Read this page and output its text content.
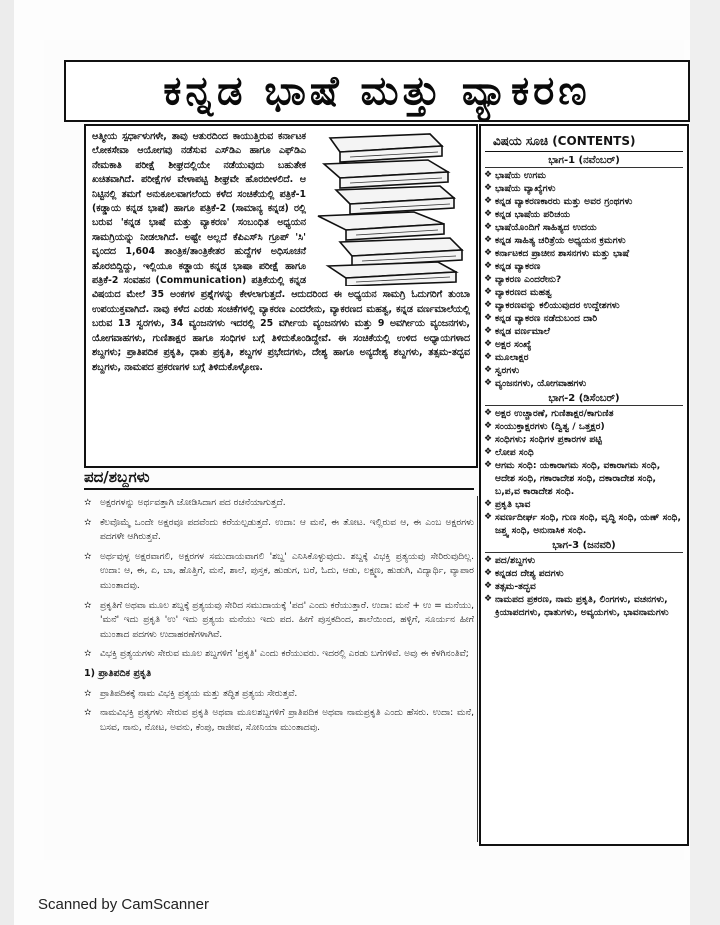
ಕನ್ನಡ ಭಾಷೆ ಮತ್ತು ವ್ಯಾಕರಣ
ಆತ್ಮೀಯ ಸ್ಪರ್ಧಾಳುಗಳೇ, ತಾವು ಆತುರದಿಂದ ಕಾಯುತ್ತಿರುವ ಕರ್ನಾಟಕ ಲೋಕಸೇವಾ ಆಯೋಗವು ನಡೆಸುವ ಎಸ್‌ಡಿಎ ಹಾಗೂ ಎಫ್‌ಡಿಎ ನೇಮಕಾತಿ ಪರೀಕ್ಷೆ ಶೀಘ್ರದಲ್ಲಿಯೇ ನಡೆಯುವುದು ಬಹುತೇಕ ಖಚಿತವಾಗಿದೆ. ಪರೀಕ್ಷೆಗಳ ವೇಳಾಪಟ್ಟಿ ಶೀಘ್ರವೇ ಹೊರಬೀಳಲಿದೆ. ಆ ನಿಟ್ಟಿನಲ್ಲಿ ತಮಗೆ ಅನುಕೂಲವಾಗಲೆಂದು ಕಳೆದ ಸಂಚಿಕೆಯಲ್ಲಿ ಪತ್ರಿಕೆ-1 (ಕಡ್ಡಾಯ ಕನ್ನಡ ಭಾಷೆ) ಹಾಗೂ ಪತ್ರಿಕೆ-2 (ಸಾಮಾನ್ಯ ಕನ್ನಡ) ರಲ್ಲಿ ಬರುವ 'ಕನ್ನಡ ಭಾಷೆ ಮತ್ತು ವ್ಯಾಕರಣ' ಸಂಬಂಧಿತ ಅಧ್ಯಯನ ಸಾಮಗ್ರಿಯನ್ನು ನೀಡಲಾಗಿದೆ. ಅಷ್ಟೇ ಅಲ್ಲದೆ ಕೆಪಿಎಸ್‌ಸಿ ಗ್ರೂಪ್ 'ಸಿ' ವೃಂದದ 1,604 ತಾಂತ್ರಿಕ/ತಾಂತ್ರಿಕೇತರ ಹುದ್ದೆಗಳ ಅಧಿಸೂಚನೆ ಹೊರಬಿದ್ದಿದ್ದು, ಇಲ್ಲಿಯೂ ಕಡ್ಡಾಯ ಕನ್ನಡ ಭಾಷಾ ಪರೀಕ್ಷೆ ಹಾಗೂ ಪತ್ರಿಕೆ-2 ಸಂವಹನ (Communication) ಪತ್ರಿಕೆಯಲ್ಲಿ ಕನ್ನಡ ವಿಷಯದ ಮೇಲೆ 35 ಅಂಕಗಳ ಪ್ರಶ್ನೆಗಳನ್ನು ಕೇಳಲಾಗುತ್ತದೆ. ಆದುದರಿಂದ ಈ ಅಧ್ಯಯನ ಸಾಮಗ್ರಿ ಓದುಗರಿಗೆ ತುಂಬಾ ಉಪಯುಕ್ತವಾಗಿದೆ. ನಾವು ಕಳೆದ ಎರಡು ಸಂಚಿಕೆಗಳಲ್ಲಿ ವ್ಯಾಕರಣ ಎಂದರೇನು, ವ್ಯಾಕರಣದ ಮಹತ್ವ, ಕನ್ನಡ ವರ್ಣಮಾಲೆಯಲ್ಲಿ ಬರುವ 13 ಸ್ವರಗಳು, 34 ವ್ಯಂಜನಗಳು ಇದರಲ್ಲಿ 25 ವರ್ಗೀಯ ವ್ಯಂಜನಗಳು ಮತ್ತು 9 ಅವರ್ಗೀಯ ವ್ಯಂಜನಗಳು, ಯೋಗವಾಹಗಳು, ಗುಣಿತಾಕ್ಷರ ಹಾಗೂ ಸಂಧಿಗಳ ಬಗ್ಗೆ ತಿಳಿದುಕೊಂಡಿದ್ದೇವೆ. ಈ ಸಂಚಿಕೆಯಲ್ಲಿ ಉಳಿದ ಅಧ್ಯಾಯಗಳಾದ ಶಬ್ದಗಳು; ಪ್ರಾತಿಪದಿಕ ಪ್ರಕೃತಿ, ಧಾತು ಪ್ರಕೃತಿ, ಶಬ್ದಗಳ ಪ್ರಭೇದಗಳು, ದೇಶ್ಯ ಹಾಗೂ ಅನ್ಯದೇಶ್ಯ ಶಬ್ದಗಳು, ತತ್ಸಮ-ತದ್ಭವ ಶಬ್ದಗಳು, ನಾಮಪದ ಪ್ರಕರಣಗಳ ಬಗ್ಗೆ ತಿಳಿದುಕೊಳ್ಳೋಣ.
ವಿಷಯ ಸೂಚಿ (CONTENTS)
ಭಾಗ-1 (ನವೆಂಬರ್)
❖ ಭಾಷೆಯ ಉಗಮ
❖ ಭಾಷೆಯ ವ್ಯಾಖ್ಯೆಗಳು
❖ ಕನ್ನಡ ವ್ಯಾಕರಣಕಾರರು ಮತ್ತು ಅವರ ಗ್ರಂಥಗಳು
❖ ಕನ್ನಡ ಭಾಷೆಯ ಪರಿಚಯ
❖ ಭಾಷೆಯೊಂದಿಗೆ ಸಾಹಿತ್ಯದ ಉದಯ
❖ ಕನ್ನಡ ಸಾಹಿತ್ಯ ಚರಿತ್ರೆಯ ಅಧ್ಯಯನ ಕ್ರಮಗಳು
❖ ಕರ್ನಾಟಕದ ಪ್ರಾಚೀನ ಶಾಸನಗಳು ಮತ್ತು ಭಾಷೆ
❖ ಕನ್ನಡ ವ್ಯಾಕರಣ
❖ ವ್ಯಾಕರಣ ಎಂದರೇನು?
❖ ವ್ಯಾಕರಣದ ಮಹತ್ವ
❖ ವ್ಯಾಕರಣವನ್ನು ಕಲಿಯುವುದರ ಉದ್ದೇಶಗಳು
❖ ಕನ್ನಡ ವ್ಯಾಕರಣ ನಡೆದುಬಂದ ದಾರಿ
❖ ಕನ್ನಡ ವರ್ಣಮಾಲೆ
❖ ಅಕ್ಷರ ಸಂಖ್ಯೆ
❖ ಮೂಲಾಕ್ಷರ
❖ ಸ್ವರಗಳು
❖ ವ್ಯಂಜನಗಳು, ಯೋಗವಾಹಗಳು
ಭಾಗ-2 (ಡಿಸೆಂಬರ್)
❖ ಅಕ್ಷರ ಉಚ್ಚಾರಣೆ, ಗುಣಿತಾಕ್ಷರ/ಕಾಗುಣಿತ
❖ ಸಂಯುಕ್ತಾಕ್ಷರಗಳು (ದ್ವಿತ್ವ / ಒತ್ತಕ್ಷರ)
❖ ಸಂಧಿಗಳು; ಸಂಧಿಗಳ ಪ್ರಕಾರಗಳ ಪಟ್ಟಿ
❖ ಲೋಪ ಸಂಧಿ
❖ ಆಗಮ ಸಂಧಿ: ಯಕಾರಾಗಮ ಸಂಧಿ, ವಕಾರಾಗಮ ಸಂಧಿ, ಆದೇಶ ಸಂಧಿ, ಗಕಾರಾದೇಶ ಸಂಧಿ, ದಕಾರಾದೇಶ ಸಂಧಿ, ಬ,ಪ,ವ ಕಾರಾದೇಶ ಸಂಧಿ.
❖ ಪ್ರಕೃತಿ ಭಾವ
❖ ಸವರ್ಣದೀರ್ಘ ಸಂಧಿ, ಗುಣ ಸಂಧಿ, ವೃದ್ಧಿ ಸಂಧಿ, ಯಣ್ ಸಂಧಿ, ಜಶ್ತ್ವ ಸಂಧಿ, ಅನುನಾಸಿಕ ಸಂಧಿ.
ಭಾಗ-3 (ಜನವರಿ)
❖ ಪದ/ಶಬ್ದಗಳು
❖ ಕನ್ನಡದ ದೇಶ್ಯ ಪದಗಳು
❖ ತತ್ಸಮ-ತದ್ಭವ
❖ ನಾಮಪದ ಪ್ರಕರಣ, ನಾಮ ಪ್ರಕೃತಿ, ಲಿಂಗಗಳು, ವಚನಗಳು, ಕ್ರಿಯಾಪದಗಳು, ಧಾತುಗಳು, ಅವ್ಯಯಗಳು, ಭಾವನಾಮಗಳು
ಪದ/ಶಬ್ದಗಳು
✫ ಅಕ್ಷರಗಳನ್ನು ಅರ್ಥವತ್ತಾಗಿ ಜೋಡಿಸಿದಾಗ ಪದ ರಚನೆಯಾಗುತ್ತದೆ.
✫ ಕೆಲವೊಮ್ಮೆ ಒಂದೇ ಅಕ್ಷರವೂ ಪದವೆಂದು ಕರೆಯಲ್ಪಡುತ್ತದೆ. ಉದಾ: ಆ ಮನೆ, ಈ ತೋಟ. ಇಲ್ಲಿರುವ ಆ, ಈ ಎಂಬ ಅಕ್ಷರಗಳು ಪದಗಳೇ ಆಗಿರುತ್ತವೆ.
✫ ಅರ್ಥವುಳ್ಳ ಅಕ್ಷರವಾಗಲಿ, ಅಕ್ಷರಗಳ ಸಮುದಾಯವಾಗಲಿ 'ಶಬ್ದ' ಎನಿಸಿಕೊಳ್ಳುವುದು. ಶಬ್ದಕ್ಕೆ ವಿಭಕ್ತಿ ಪ್ರತ್ಯಯವು ಸೇರಿರುವುದಿಲ್ಲ. ಉದಾ: ಆ, ಈ, ಏ, ಬಾ, ಹೊತ್ತಿಗೆ, ಮನೆ, ಶಾಲೆ, ಪುಸ್ತಕ, ಹುಡುಗ, ಬರೆ, ಓದು, ಆಡು, ಲಕ್ಷ್ಮಣ, ಹುಡುಗಿ, ವಿದ್ಯಾರ್ಥಿ, ವ್ಯಾಪಾರ ಮುಂತಾದವು.
✫ ಪ್ರಕೃತಿಗೆ ಅಥವಾ ಮೂಲ ಶಬ್ದಕ್ಕೆ ಪ್ರತ್ಯಯವು ಸೇರಿದ ಸಮುದಾಯಕ್ಕೆ 'ಪದ' ಎಂದು ಕರೆಯುತ್ತಾರೆ. ಉದಾ: ಮನೆ + ಉ = ಮನೆಯು, 'ಮನೆ' ಇದು ಪ್ರಕೃತಿ 'ಉ' ಇದು ಪ್ರತ್ಯಯ ಮನೆಯು ಇದು ಪದ. ಹೀಗೆ ಪುಸ್ತಕದಿಂದ, ಶಾಲೆಯಿಂದ, ಹಳ್ಳಿಗೆ, ಸೂರ್ಯನ ಹೀಗೆ ಮುಂತಾದ ಪದಗಳು ಉದಾಹರಣೆಗಳಾಗಿವೆ.
✫ ವಿಭಕ್ತಿ ಪ್ರತ್ಯಯಗಳು ಸೇರುವ ಮೂಲ ಶಬ್ದಗಳಿಗೆ 'ಪ್ರಕೃತಿ' ಎಂದು ಕರೆಯುವರು. ಇದರಲ್ಲಿ ಎರಡು ಬಗೆಗಳಿವೆ. ಅವು ಈ ಕೆಳಗಿನಂತಿವೆ;
1) ಪ್ರಾತಿಪದಿಕ ಪ್ರಕೃತಿ
✫ ಪ್ರಾತಿಪದಿಕಕ್ಕೆ ನಾಮ ವಿಭಕ್ತಿ ಪ್ರತ್ಯಯ ಮತ್ತು ತದ್ಧಿತ ಪ್ರತ್ಯಯ ಸೇರುತ್ತವೆ.
✫ ನಾಮವಿಭಕ್ತಿ ಪ್ರತ್ಯಗಳು ಸೇರುವ ಪ್ರಕೃತಿ ಅಥವಾ ಮೂಲಶಬ್ದಗಳಿಗೆ ಪ್ರಾತಿಪದಿಕ ಅಥವಾ ನಾಮಪ್ರಕೃತಿ ಎಂದು ಹೆಸರು. ಉದಾ: ಮನೆ, ಬಸವ, ನಾನು, ನೋಟ, ಅವನು, ಕೆಂಪು, ರಾಜೀವ, ಸೋನಿಯಾ ಮುಂತಾದವು.
Scanned by CamScanner
